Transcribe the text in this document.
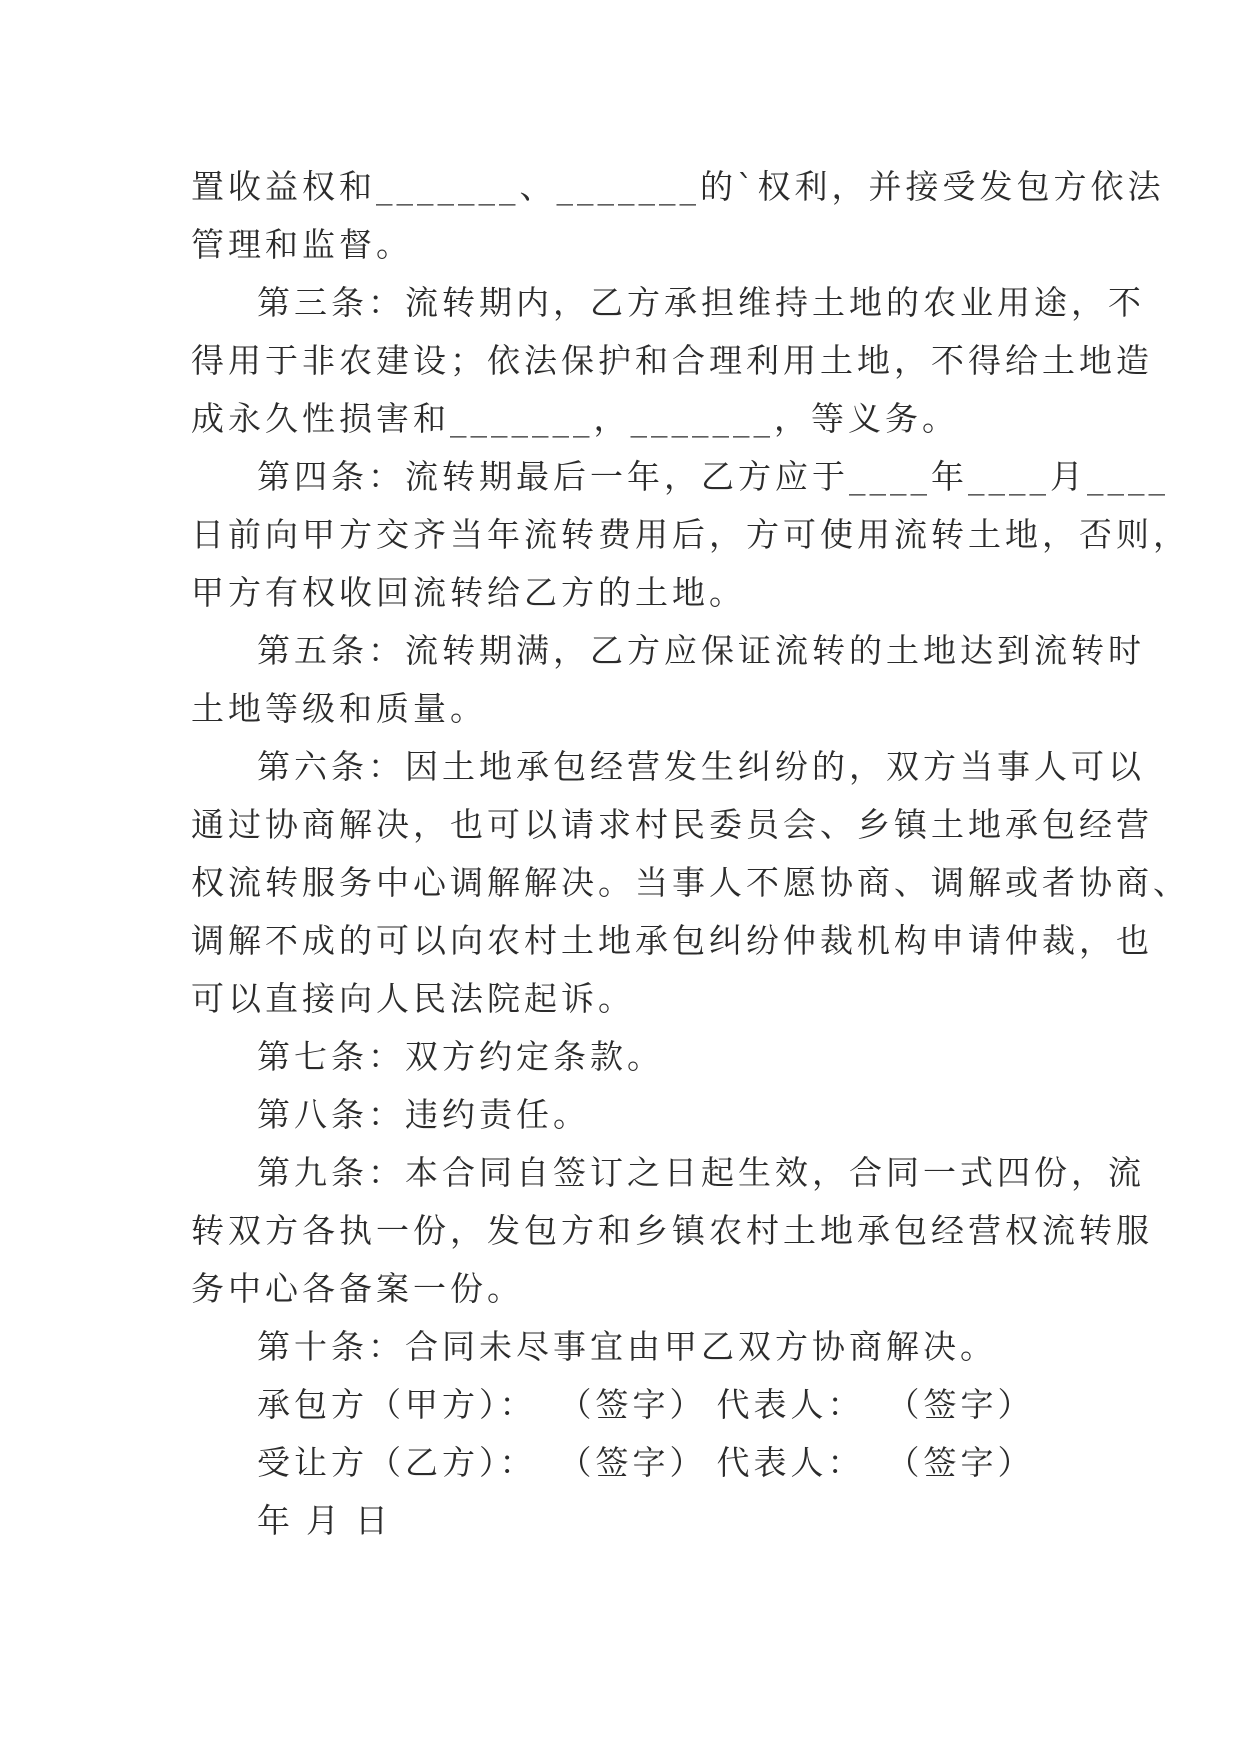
置收益权和_______、_______的`权利，并接受发包方依法
管理和监督。
第三条：流转期内，乙方承担维持土地的农业用途，不
得用于非农建设；依法保护和合理利用土地，不得给土地造
成永久性损害和_______，_______，等义务。
第四条：流转期最后一年，乙方应于____年____月____
日前向甲方交齐当年流转费用后，方可使用流转土地，否则，
甲方有权收回流转给乙方的土地。
第五条：流转期满，乙方应保证流转的土地达到流转时
土地等级和质量。
第六条：因土地承包经营发生纠纷的，双方当事人可以
通过协商解决，也可以请求村民委员会、乡镇土地承包经营
权流转服务中心调解解决。当事人不愿协商、调解或者协商、
调解不成的可以向农村土地承包纠纷仲裁机构申请仲裁，也
可以直接向人民法院起诉。
第七条：双方约定条款。
第八条：违约责任。
第九条：本合同自签订之日起生效，合同一式四份，流
转双方各执一份，发包方和乡镇农村土地承包经营权流转服
务中心各备案一份。
第十条：合同未尽事宜由甲乙双方协商解决。
承包方（甲方）： （签字） 代表人： （签字）
受让方（乙方）： （签字） 代表人： （签字）
年 月 日
